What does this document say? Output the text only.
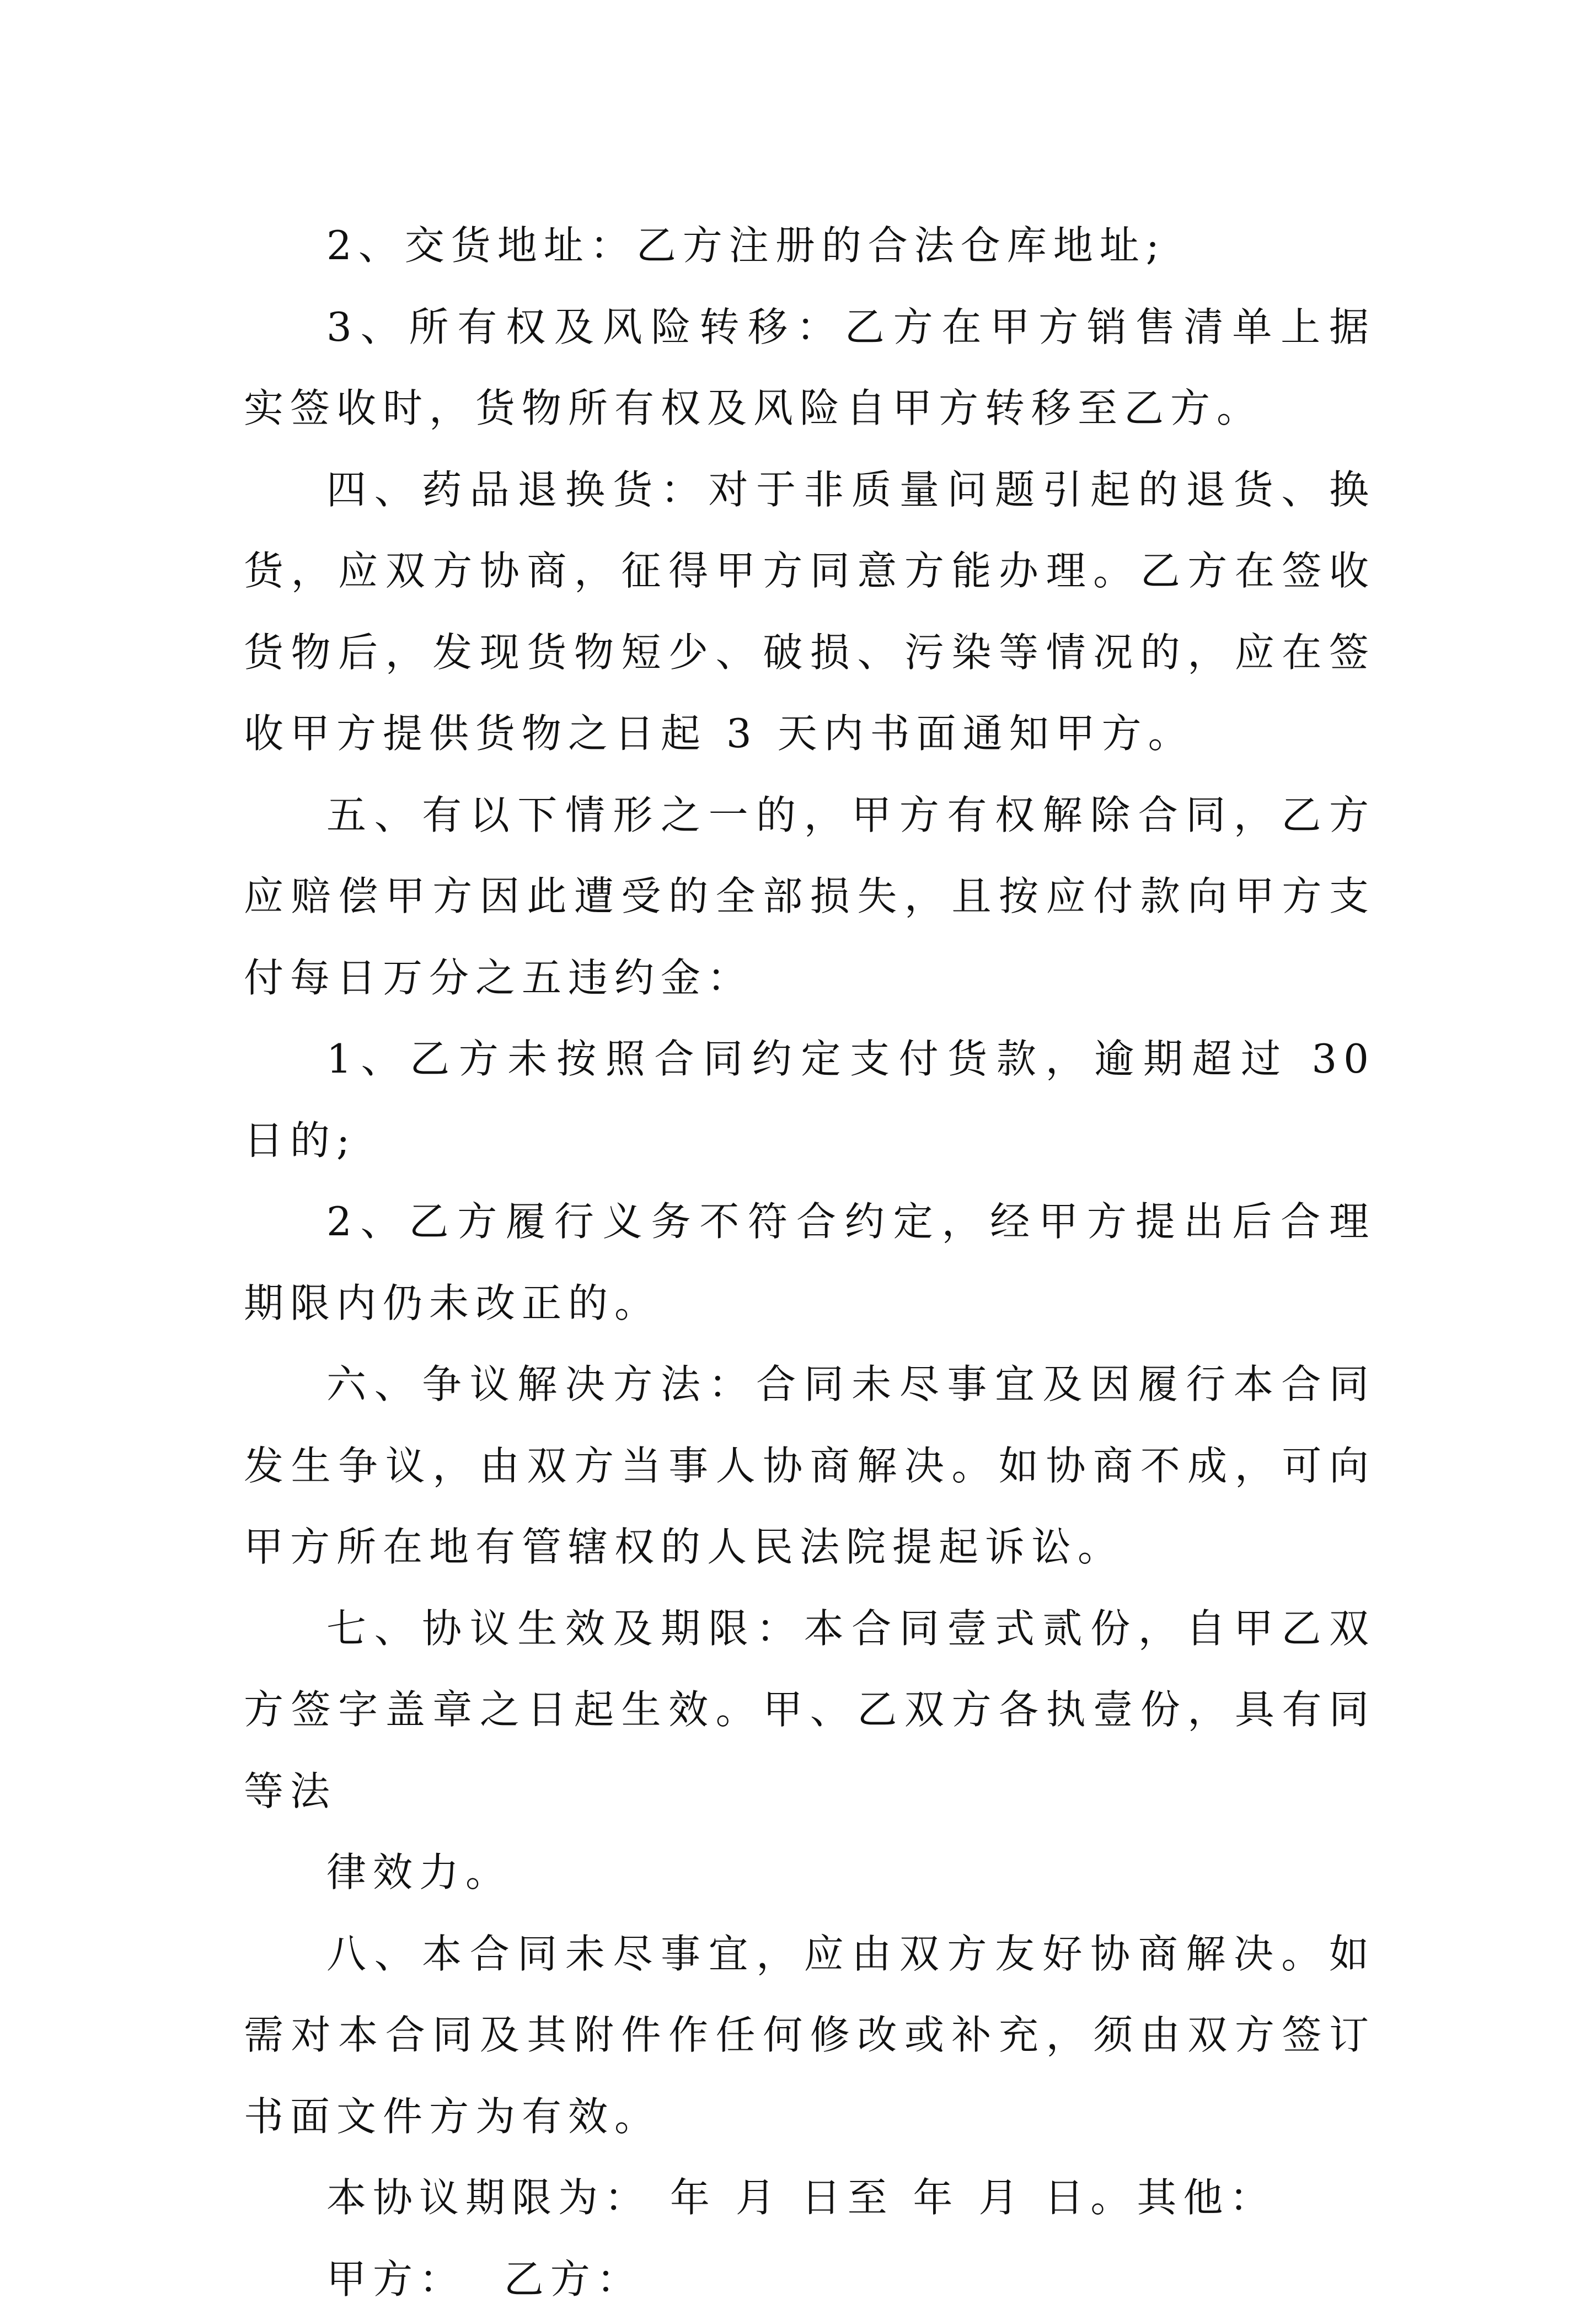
2、交货地址：乙方注册的合法仓库地址;

3、所有权及风险转移：乙方在甲方销售清单上据实签收时，货物所有权及风险自甲方转移至乙方。

四、药品退换货：对于非质量问题引起的退货、换货，应双方协商，征得甲方同意方能办理。乙方在签收货物后，发现货物短少、破损、污染等情况的，应在签收甲方提供货物之日起 3 天内书面通知甲方。

五、有以下情形之一的，甲方有权解除合同，乙方应赔偿甲方因此遭受的全部损失，且按应付款向甲方支付每日万分之五违约金：

1、乙方未按照合同约定支付货款，逾期超过 30 日的;

2、乙方履行义务不符合约定，经甲方提出后合理期限内仍未改正的。

六、争议解决方法：合同未尽事宜及因履行本合同发生争议，由双方当事人协商解决。如协商不成，可向甲方所在地有管辖权的人民法院提起诉讼。

七、协议生效及期限：本合同壹式贰份，自甲乙双方签字盖章之日起生效。甲、乙双方各执壹份，具有同等法

律效力。

八、本合同未尽事宜，应由双方友好协商解决。如需对本合同及其附件作任何修改或补充，须由双方签订书面文件方为有效。

本协议期限为： 年 月 日至 年 月 日。其他：

甲方：  乙方：
